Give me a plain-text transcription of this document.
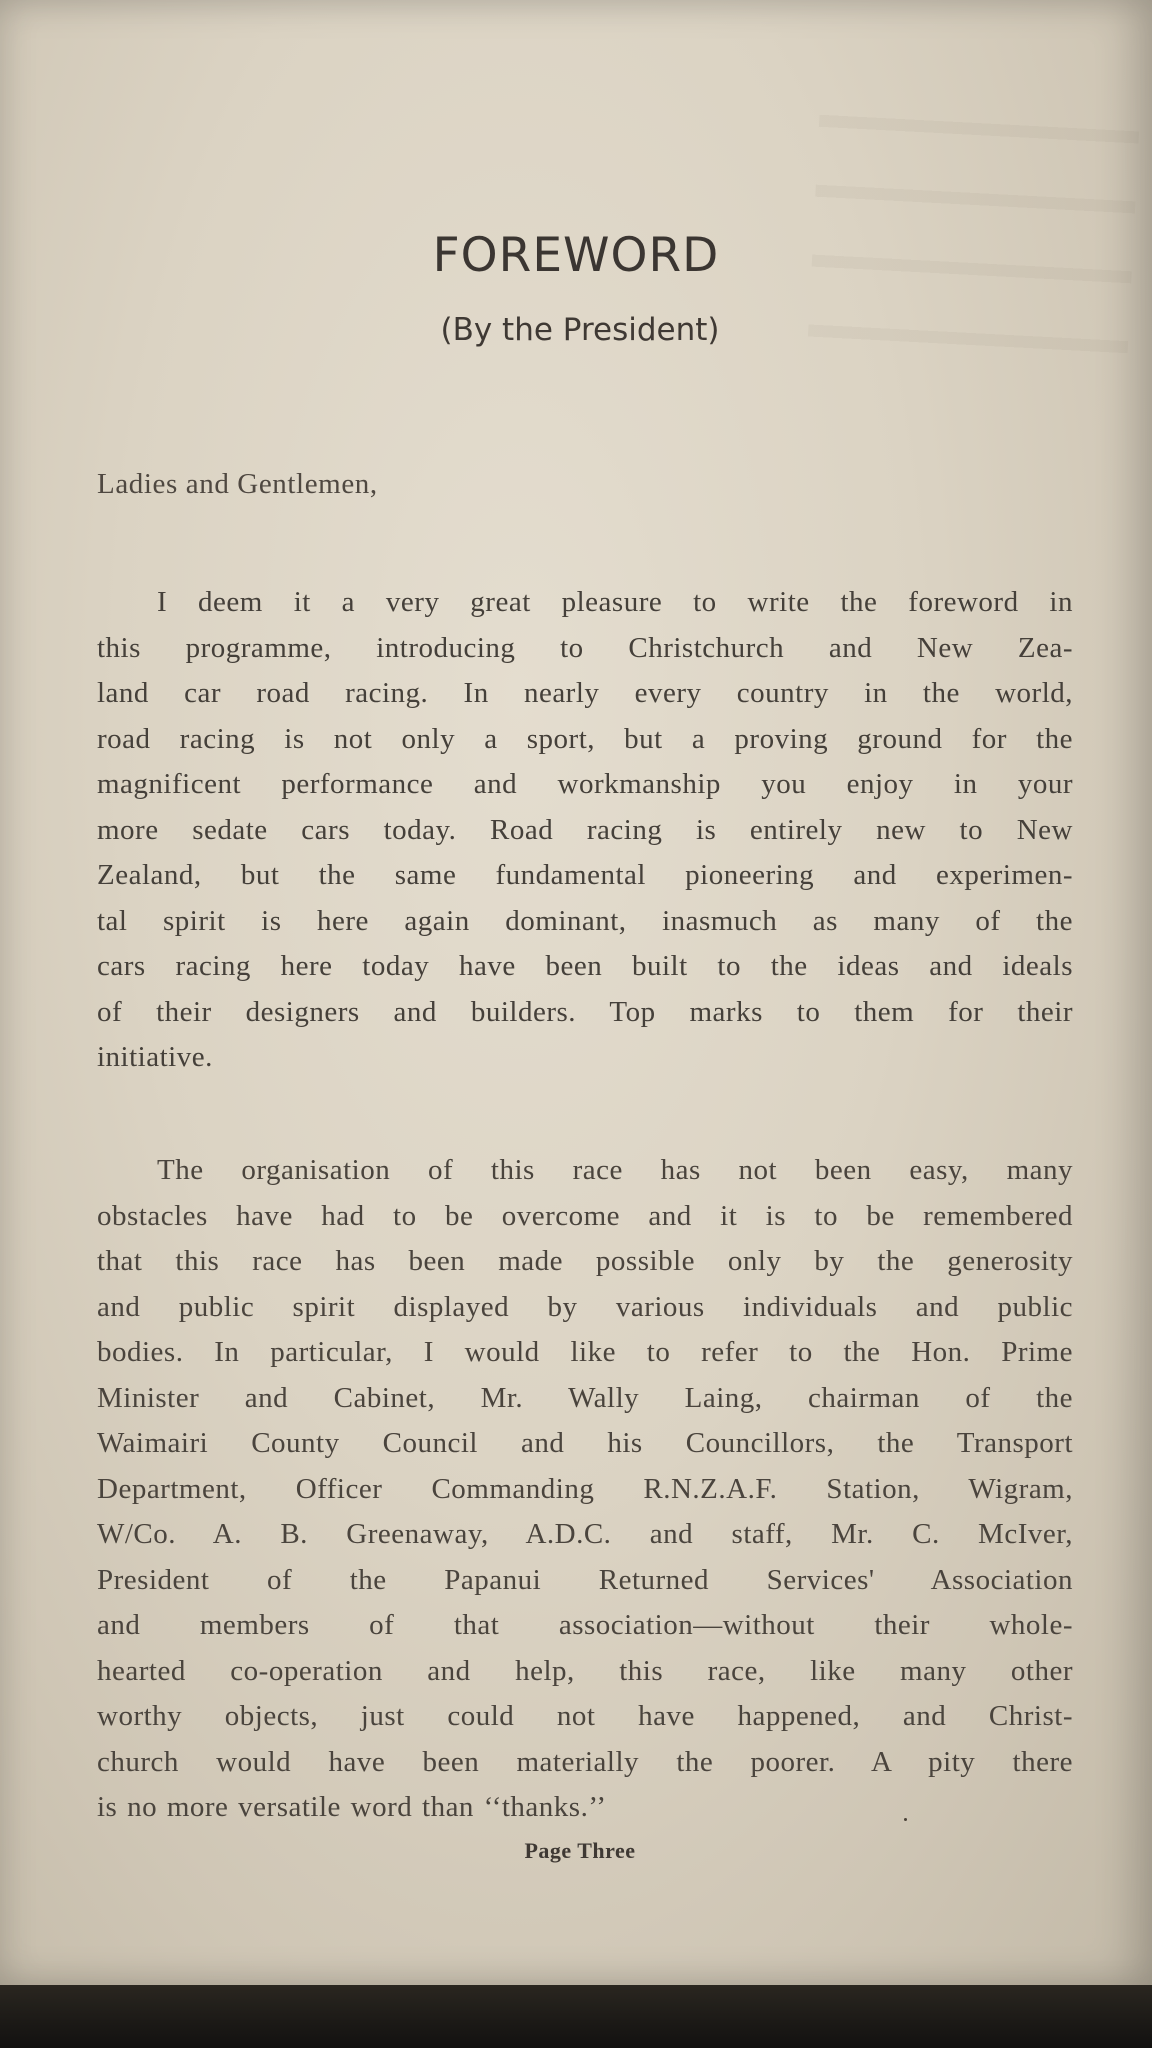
FOREWORD

(By the President)

Ladies and Gentlemen,

I deem it a very great pleasure to write the foreword in
this programme, introducing to Christchurch and New Zea-
land car road racing. In nearly every country in the world,
road racing is not only a sport, but a proving ground for the
magnificent performance and workmanship you enjoy in your
more sedate cars today. Road racing is entirely new to New
Zealand, but the same fundamental pioneering and experimen-
tal spirit is here again dominant, inasmuch as many of the
cars racing here today have been built to the ideas and ideals
of their designers and builders. Top marks to them for their
initiative.

The organisation of this race has not been easy, many
obstacles have had to be overcome and it is to be remembered
that this race has been made possible only by the generosity
and public spirit displayed by various individuals and public
bodies. In particular, I would like to refer to the Hon. Prime
Minister and Cabinet, Mr. Wally Laing, chairman of the
Waimairi County Council and his Councillors, the Transport
Department, Officer Commanding R.N.Z.A.F. Station, Wigram,
W/Co. A. B. Greenaway, A.D.C. and staff, Mr. C. McIver,
President of the Papanui Returned Services' Association
and members of that association—without their whole-
hearted co-operation and help, this race, like many other
worthy objects, just could not have happened, and Christ-
church would have been materially the poorer. A pity there
is no more versatile word than ‘‘thanks.’’

Page Three
